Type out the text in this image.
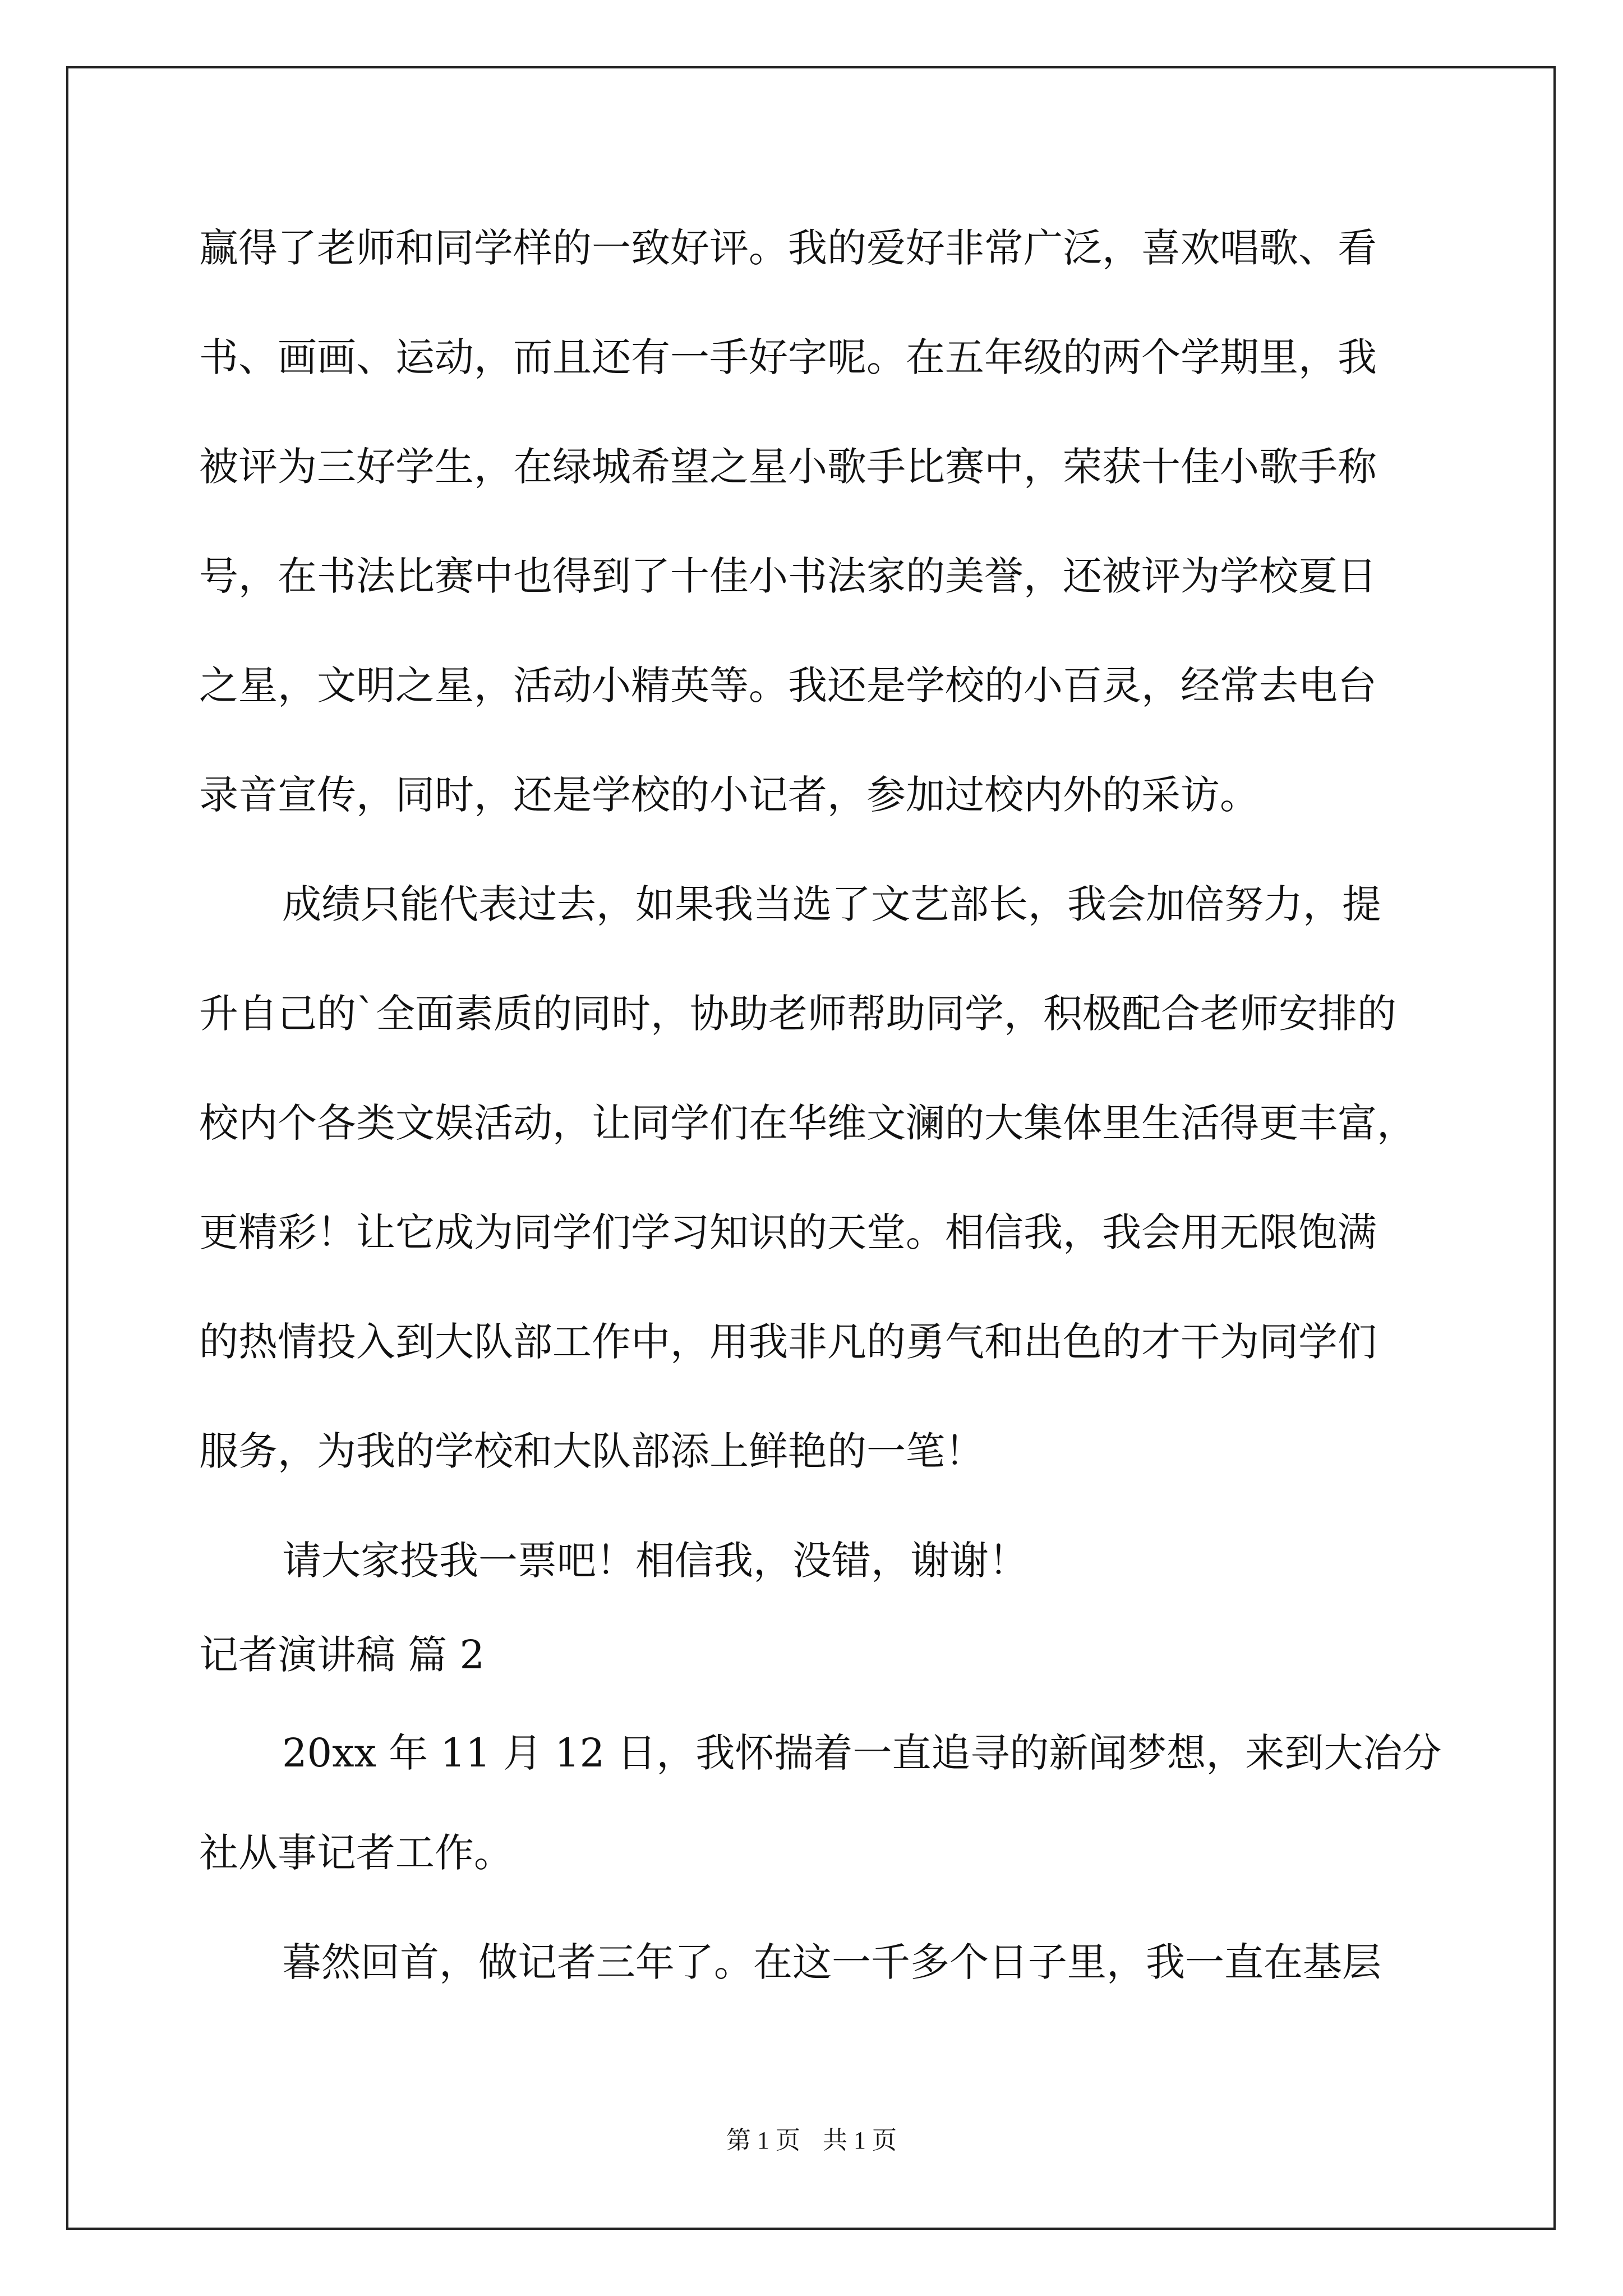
赢得了老师和同学样的一致好评。我的爱好非常广泛，喜欢唱歌、看
书、画画、运动，而且还有一手好字呢。在五年级的两个学期里，我
被评为三好学生，在绿城希望之星小歌手比赛中，荣获十佳小歌手称
号，在书法比赛中也得到了十佳小书法家的美誉，还被评为学校夏日
之星，文明之星，活动小精英等。我还是学校的小百灵，经常去电台
录音宣传，同时，还是学校的小记者，参加过校内外的采访。
成绩只能代表过去，如果我当选了文艺部长，我会加倍努力，提
升自己的`全面素质的同时，协助老师帮助同学，积极配合老师安排的
校内个各类文娱活动，让同学们在华维文澜的大集体里生活得更丰富，
更精彩！让它成为同学们学习知识的天堂。相信我，我会用无限饱满
的热情投入到大队部工作中，用我非凡的勇气和出色的才干为同学们
服务，为我的学校和大队部添上鲜艳的一笔！
请大家投我一票吧！相信我，没错，谢谢！
记者演讲稿 篇 2
20xx 年 11 月 12 日，我怀揣着一直追寻的新闻梦想，来到大冶分
社从事记者工作。
暮然回首，做记者三年了。在这一千多个日子里，我一直在基层
第 1 页 共 1 页
